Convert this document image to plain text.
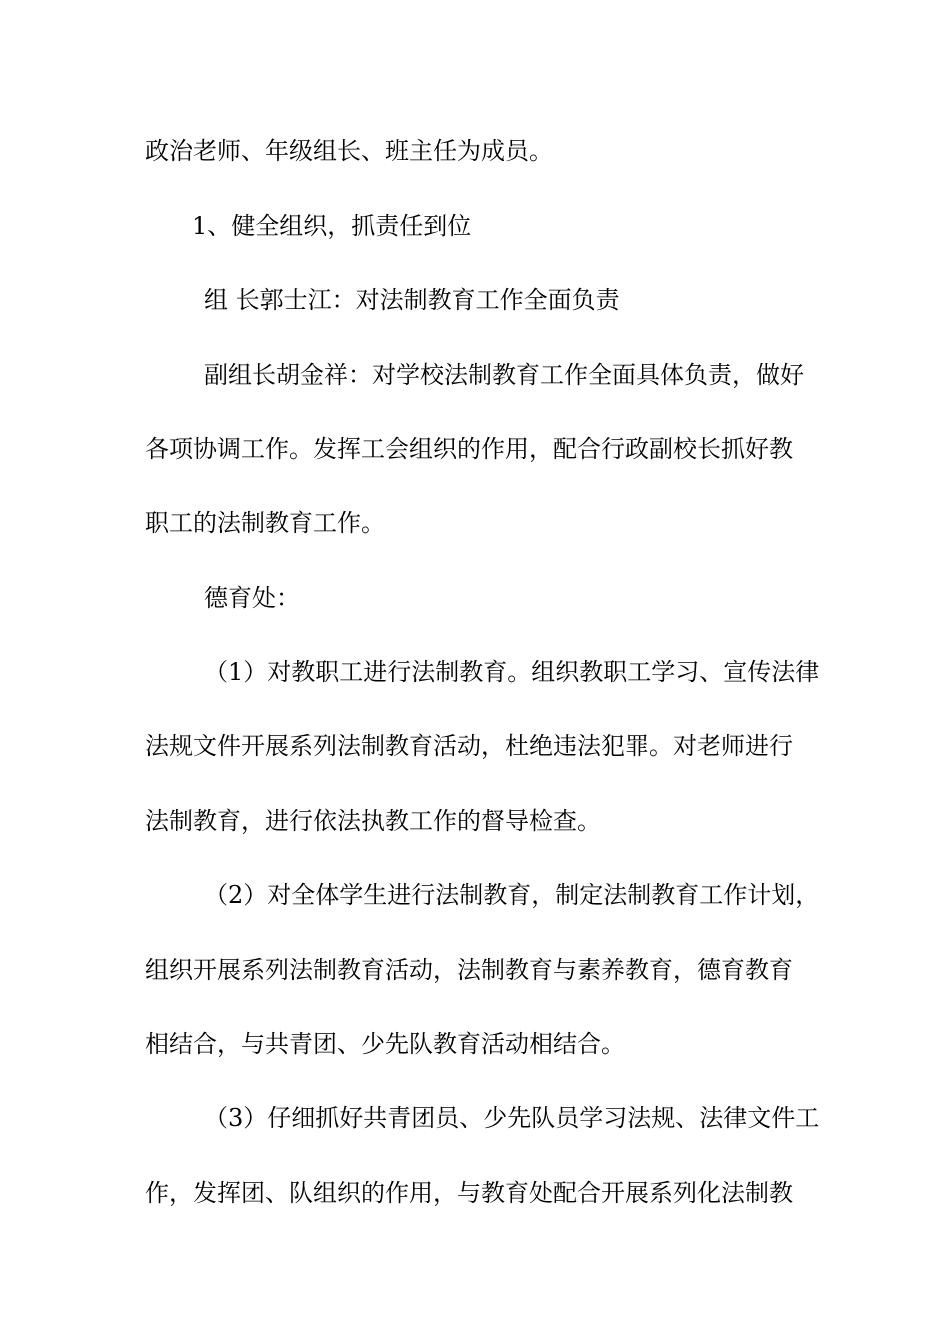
政治老师、年级组长、班主任为成员。

1、健全组织，抓责任到位

组 长郭士江：对法制教育工作全面负责

副组长胡金祥：对学校法制教育工作全面具体负责，做好

各项协调工作。发挥工会组织的作用，配合行政副校长抓好教

职工的法制教育工作。

德育处：

（1）对教职工进行法制教育。组织教职工学习、宣传法律

法规文件开展系列法制教育活动，杜绝违法犯罪。对老师进行

法制教育，进行依法执教工作的督导检查。

（2）对全体学生进行法制教育，制定法制教育工作计划，

组织开展系列法制教育活动，法制教育与素养教育，德育教育

相结合，与共青团、少先队教育活动相结合。

（3）仔细抓好共青团员、少先队员学习法规、法律文件工

作，发挥团、队组织的作用，与教育处配合开展系列化法制教
